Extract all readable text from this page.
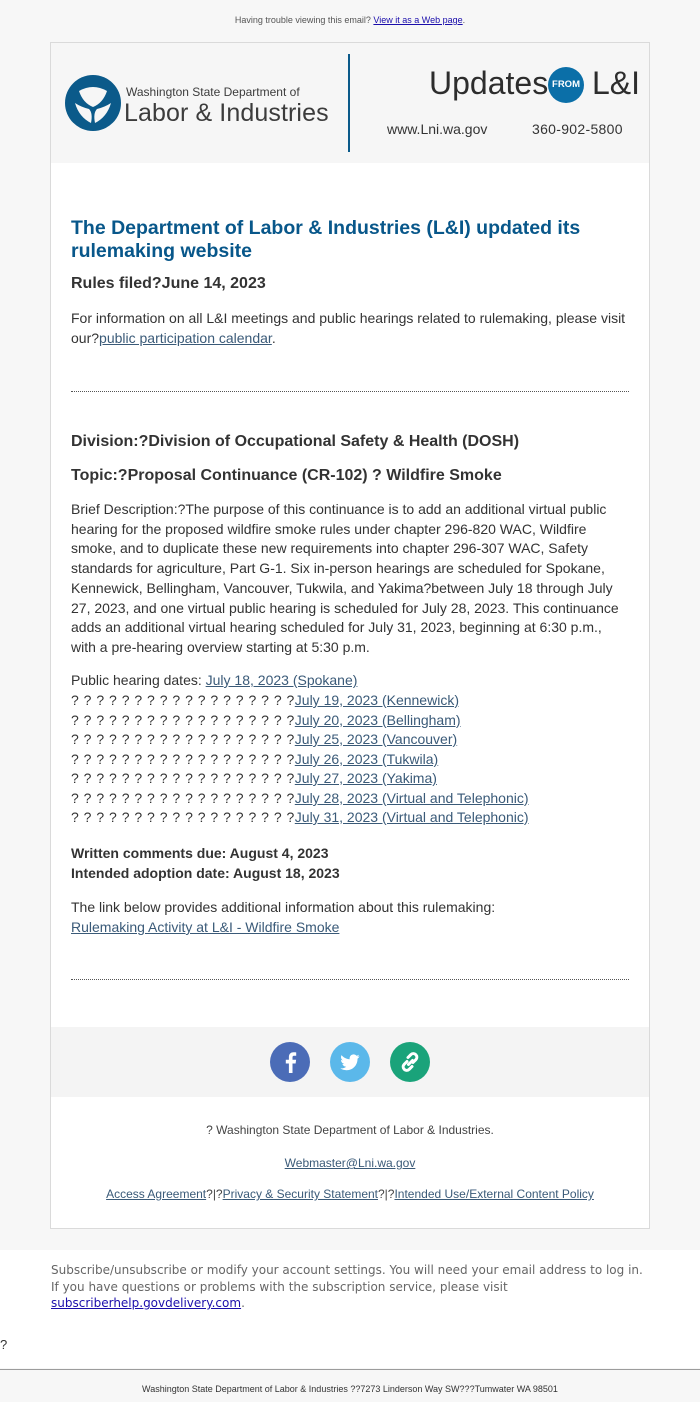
Having trouble viewing this email? View it as a Web page.
Washington State Department of
Labor & Industries
Updates FROM L&I
www.Lni.wa.gov	360-902-5800
The Department of Labor & Industries (L&I) updated its rulemaking website

Rules filed?June 14, 2023

For information on all L&I meetings and public hearings related to rulemaking, please visit our?public participation calendar.

Division:?Division of Occupational Safety & Health (DOSH)

Topic:?Proposal Continuance (CR-102) ? Wildfire Smoke

Brief Description:?The purpose of this continuance is to add an additional virtual public hearing for the proposed wildfire smoke rules under chapter 296-820 WAC, Wildfire smoke, and to duplicate these new requirements into chapter 296-307 WAC, Safety standards for agriculture, Part G-1. Six in-person hearings are scheduled for Spokane, Kennewick, Bellingham, Vancouver, Tukwila, and Yakima?between July 18 through July 27, 2023, and one virtual public hearing is scheduled for July 28, 2023. This continuance adds an additional virtual hearing scheduled for July 31, 2023, beginning at 6:30 p.m., with a pre-hearing overview starting at 5:30 p.m.

Public hearing dates: July 18, 2023 (Spokane)
? ? ? ? ? ? ? ? ? ? ? ? ? ? ? ? ? ?July 19, 2023 (Kennewick)
? ? ? ? ? ? ? ? ? ? ? ? ? ? ? ? ? ?July 20, 2023 (Bellingham)
? ? ? ? ? ? ? ? ? ? ? ? ? ? ? ? ? ?July 25, 2023 (Vancouver)
? ? ? ? ? ? ? ? ? ? ? ? ? ? ? ? ? ?July 26, 2023 (Tukwila)
? ? ? ? ? ? ? ? ? ? ? ? ? ? ? ? ? ?July 27, 2023 (Yakima)
? ? ? ? ? ? ? ? ? ? ? ? ? ? ? ? ? ?July 28, 2023 (Virtual and Telephonic)
? ? ? ? ? ? ? ? ? ? ? ? ? ? ? ? ? ?July 31, 2023 (Virtual and Telephonic)
Written comments due: August 4, 2023
Intended adoption date: August 18, 2023
The link below provides additional information about this rulemaking:
Rulemaking Activity at L&I - Wildfire Smoke
? Washington State Department of Labor & Industries.
Webmaster@Lni.wa.gov
Access Agreement?|?Privacy & Security Statement?|?Intended Use/External Content Policy
Subscribe/unsubscribe or modify your account settings. You will need your email address to log in. If you have questions or problems with the subscription service, please visit subscriberhelp.govdelivery.com.
?
Washington State Department of Labor & Industries ??7273 Linderson Way SW???Tumwater WA 98501
